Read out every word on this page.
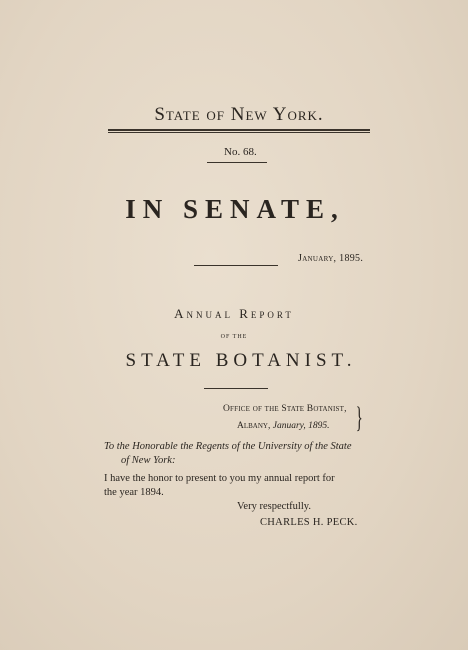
State of New York.
No. 68.
IN SENATE,
January, 1895.
Annual Report
OF THE
STATE BOTANIST.
Office of the State Botanist,
Albany, January, 1895. }
To the Honorable the Regents of the University of the State
of New York:
I have the honor to present to you my annual report for
the year 1894.
Very respectfully.
CHARLES H. PECK.
